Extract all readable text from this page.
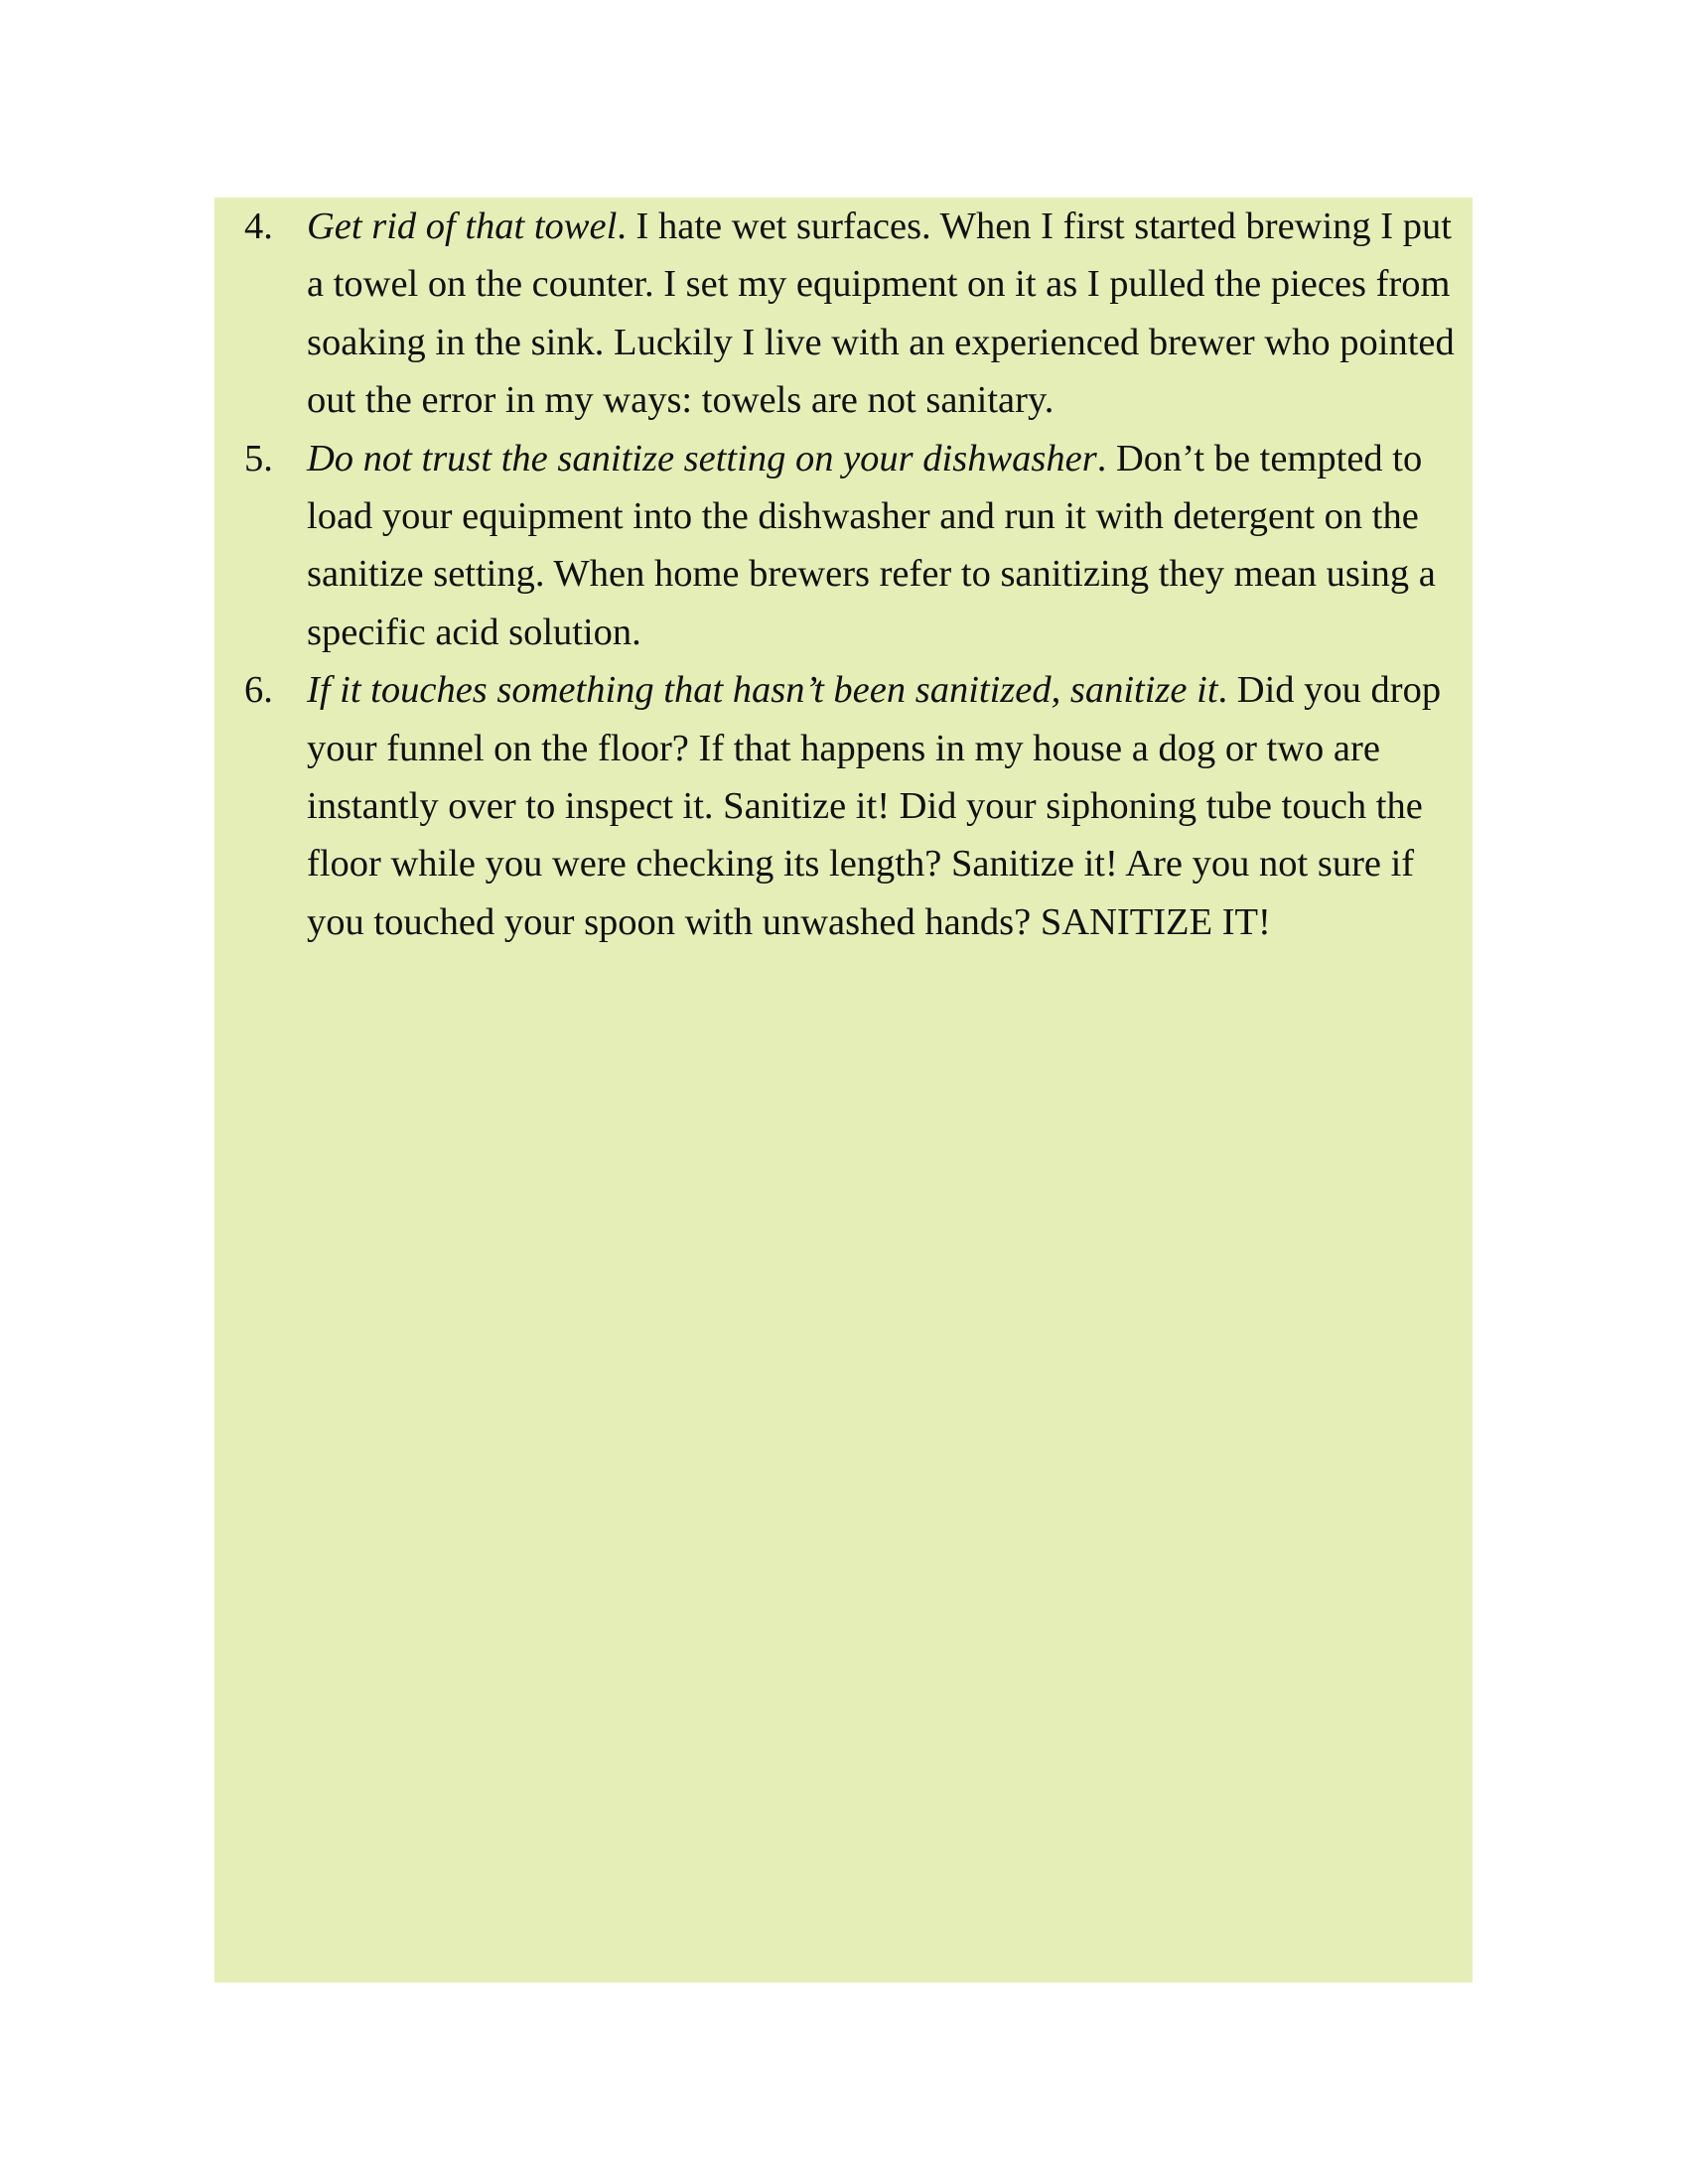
4. Get rid of that towel. I hate wet surfaces. When I first started brewing I put a towel on the counter. I set my equipment on it as I pulled the pieces from soaking in the sink. Luckily I live with an experienced brewer who pointed out the error in my ways: towels are not sanitary.
5. Do not trust the sanitize setting on your dishwasher. Don’t be tempted to load your equipment into the dishwasher and run it with detergent on the sanitize setting. When home brewers refer to sanitizing they mean using a specific acid solution.
6. If it touches something that hasn’t been sanitized, sanitize it. Did you drop your funnel on the floor? If that happens in my house a dog or two are instantly over to inspect it. Sanitize it! Did your siphoning tube touch the floor while you were checking its length? Sanitize it! Are you not sure if you touched your spoon with unwashed hands? SANITIZE IT!
